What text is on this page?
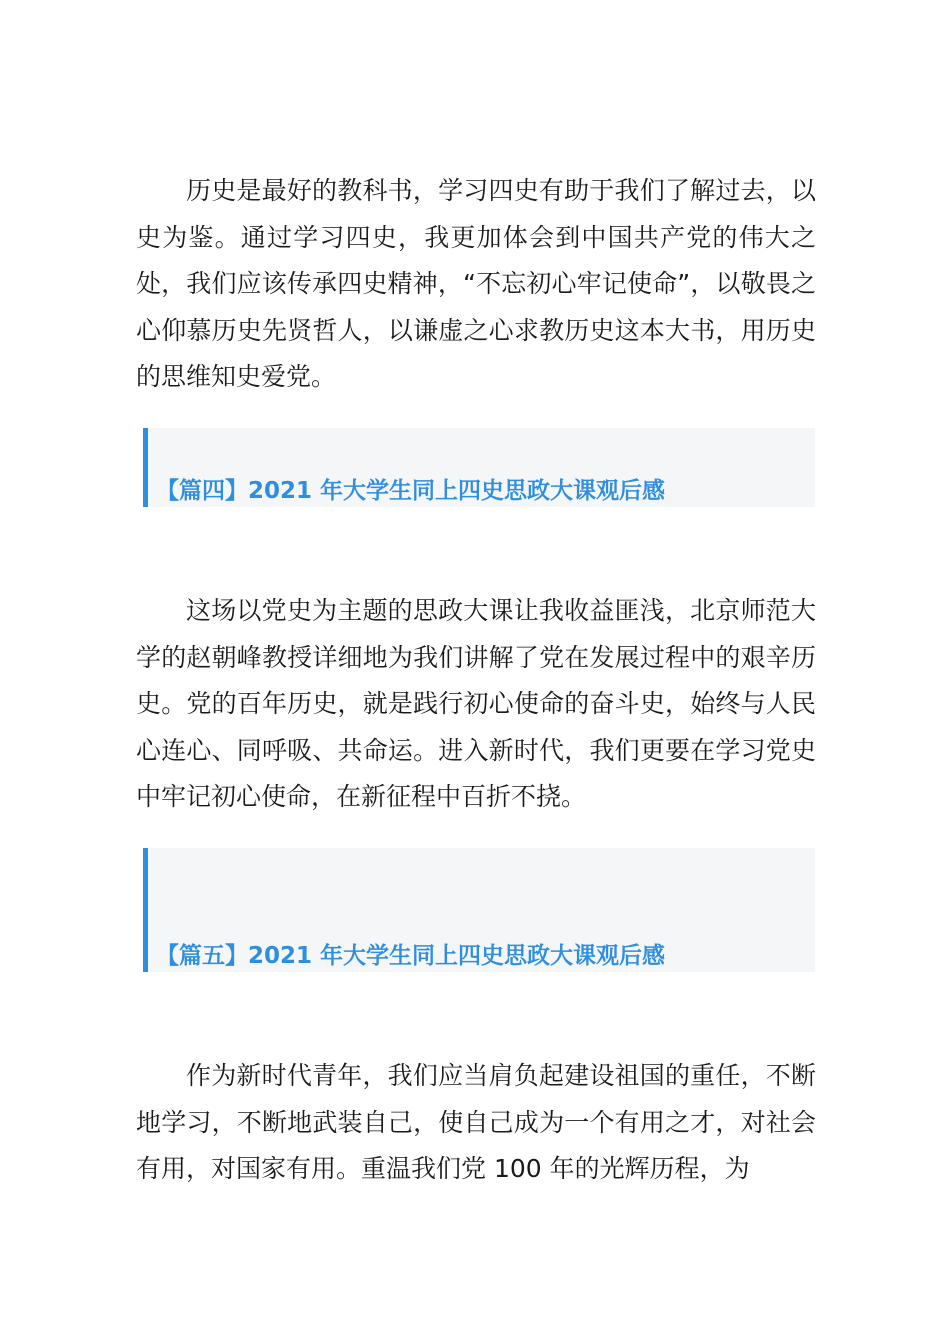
历史是最好的教科书，学习四史有助于我们了解过去，以史为鉴。通过学习四史，我更加体会到中国共产党的伟大之处，我们应该传承四史精神，“不忘初心牢记使命”，以敬畏之心仰慕历史先贤哲人，以谦虚之心求教历史这本大书，用历史的思维知史爱党。

【篇四】2021 年大学生同上四史思政大课观后感

这场以党史为主题的思政大课让我收益匪浅，北京师范大学的赵朝峰教授详细地为我们讲解了党在发展过程中的艰辛历史。党的百年历史，就是践行初心使命的奋斗史，始终与人民心连心、同呼吸、共命运。进入新时代，我们更要在学习党史中牢记初心使命，在新征程中百折不挠。

【篇五】2021 年大学生同上四史思政大课观后感

作为新时代青年，我们应当肩负起建设祖国的重任，不断地学习，不断地武装自己，使自己成为一个有用之才，对社会有用，对国家有用。重温我们党 100 年的光辉历程，为
